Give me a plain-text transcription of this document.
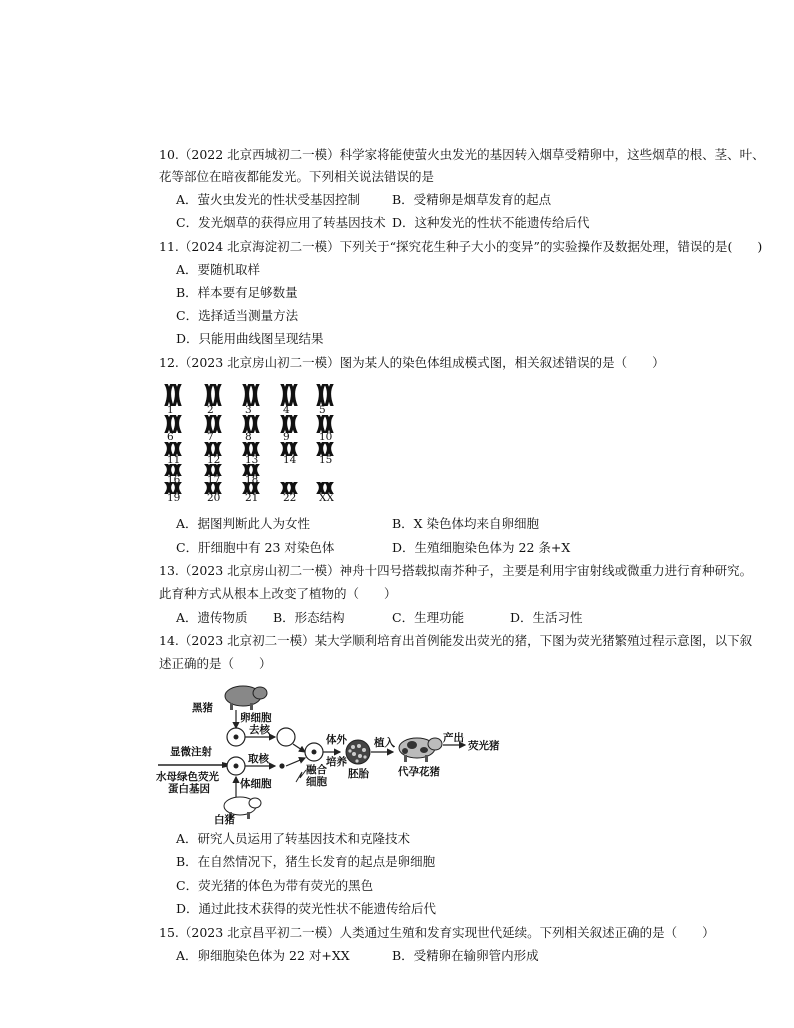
10.（2022 北京西城初二一模）科学家将能使萤火虫发光的基因转入烟草受精卵中，这些烟草的根、茎、叶、
花等部位在暗夜都能发光。下列相关说法错误的是
A．萤火虫发光的性状受基因控制	B．受精卵是烟草发育的起点
C．发光烟草的获得应用了转基因技术 D．这种发光的性状不能遗传给后代
11.（2024 北京海淀初二一模）下列关于“探究花生种子大小的变异”的实验操作及数据处理，错误的是(　　)
A．要随机取样
B．样本要有足够数量
C．选择适当测量方法
D．只能用曲线图呈现结果
12.（2023 北京房山初二一模）图为某人的染色体组成模式图，相关叙述错误的是（　　）
1	2	3	4	5
6	7	8	9	10
11	12 13 14 15
16	17 18
19	20 21 22 XX
A．据图判断此人为女性	B．X 染色体均来自卵细胞
C．肝细胞中有 23 对染色体	D．生殖细胞染色体为 22 条+X
13.（2023 北京房山初二一模）神舟十四号搭载拟南芥种子，主要是利用宇宙射线或微重力进行育种研究。
此育种方式从根本上改变了植物的（　　）
A．遗传物质 B．形态结构	C．生理功能	D．生活习性
14.（2023 北京初二一模）某大学顺利培育出首例能发出荧光的猪，下图为荧光猪繁殖过程示意图，以下叙
述正确的是（　　）
黑猪
卵细胞
去核
显微注射
取核
水母绿色荧光
蛋白基因	体细胞
白猪
融合
细胞
体外
培养
胚胎
植入
代孕花猪
产出
荧光猪
A．研究人员运用了转基因技术和克隆技术
B．在自然情况下，猪生长发育的起点是卵细胞
C．荧光猪的体色为带有荧光的黑色
D．通过此技术获得的荧光性状不能遗传给后代
15.（2023 北京昌平初二一模）人类通过生殖和发育实现世代延续。下列相关叙述正确的是（　　）
A．卵细胞染色体为 22 对+XX	B．受精卵在输卵管内形成
